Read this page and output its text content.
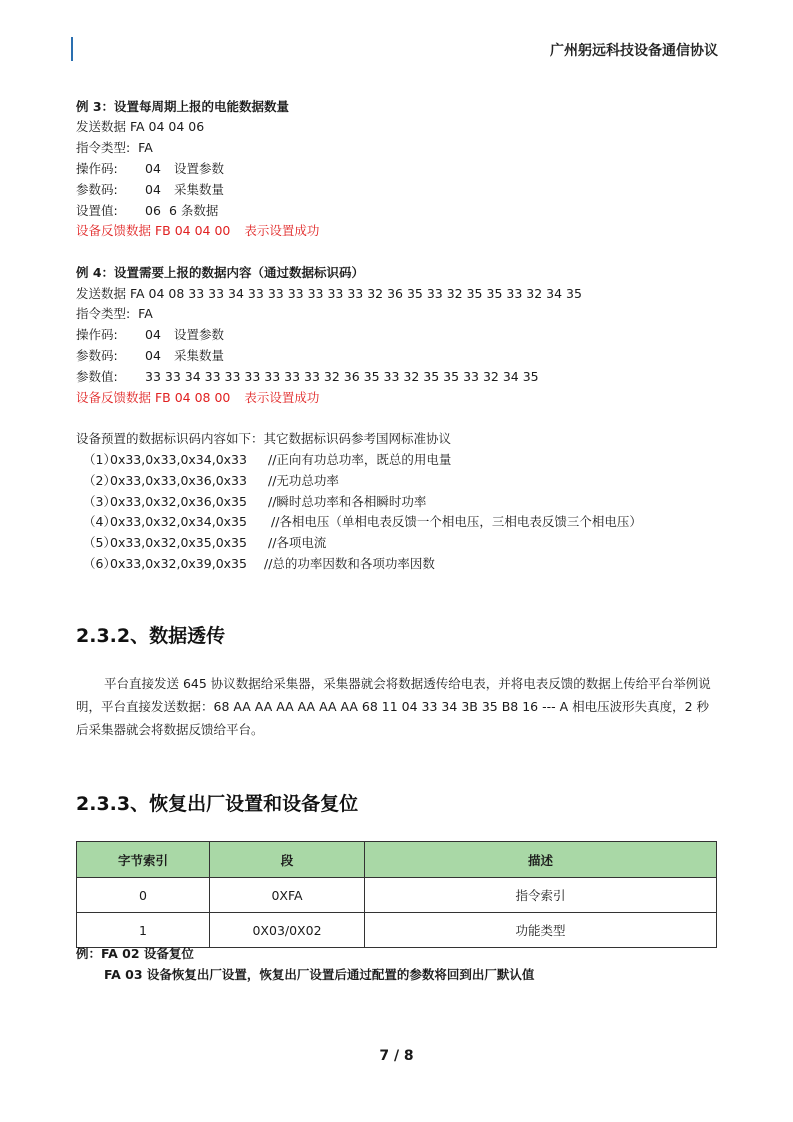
广州躬远科技设备通信协议
例 3：设置每周期上报的电能数据数量
发送数据 FA 04 04 06
指令类型: FA
操作码: 04 设置参数
参数码: 04 采集数量
设置值: 06 6 条数据
设备反馈数据 FB 04 04 00 表示设置成功
例 4：设置需要上报的数据内容（通过数据标识码）
发送数据 FA 04 08 33 33 34 33 33 33 33 33 33 32 36 35 33 32 35 35 33 32 34 35
指令类型: FA
操作码: 04 设置参数
参数码: 04 采集数量
参数值: 33 33 34 33 33 33 33 33 33 32 36 35 33 32 35 35 33 32 34 35
设备反馈数据 FB 04 08 00 表示设置成功
设备预置的数据标识码内容如下：其它数据标识码参考国网标准协议
（1）0x33,0x33,0x34,0x33 //正向有功总功率，既总的用电量
（2）0x33,0x33,0x36,0x33 //无功总功率
（3）0x33,0x32,0x36,0x35 //瞬时总功率和各相瞬时功率
（4）0x33,0x32,0x34,0x35 //各相电压（单相电表反馈一个相电压，三相电表反馈三个相电压）
（5）0x33,0x32,0x35,0x35 //各项电流
（6）0x33,0x32,0x39,0x35 //总的功率因数和各项功率因数
2.3.2、数据透传

平台直接发送 645 协议数据给采集器，采集器就会将数据透传给电表，并将电表反馈的数据上传给平台举例说明，平台直接发送数据：68 AA AA AA AA AA AA 68 11 04 33 34 3B 35 B8 16 --- A 相电压波形失真度，2 秒后采集器就会将数据反馈给平台。

2.3.3、恢复出厂设置和设备复位
字节索引	段	描述
0	0XFA	指令索引
1	0X03/0X02	功能类型
例：FA 02 设备复位
FA 03 设备恢复出厂设置，恢复出厂设置后通过配置的参数将回到出厂默认值
7 / 8
